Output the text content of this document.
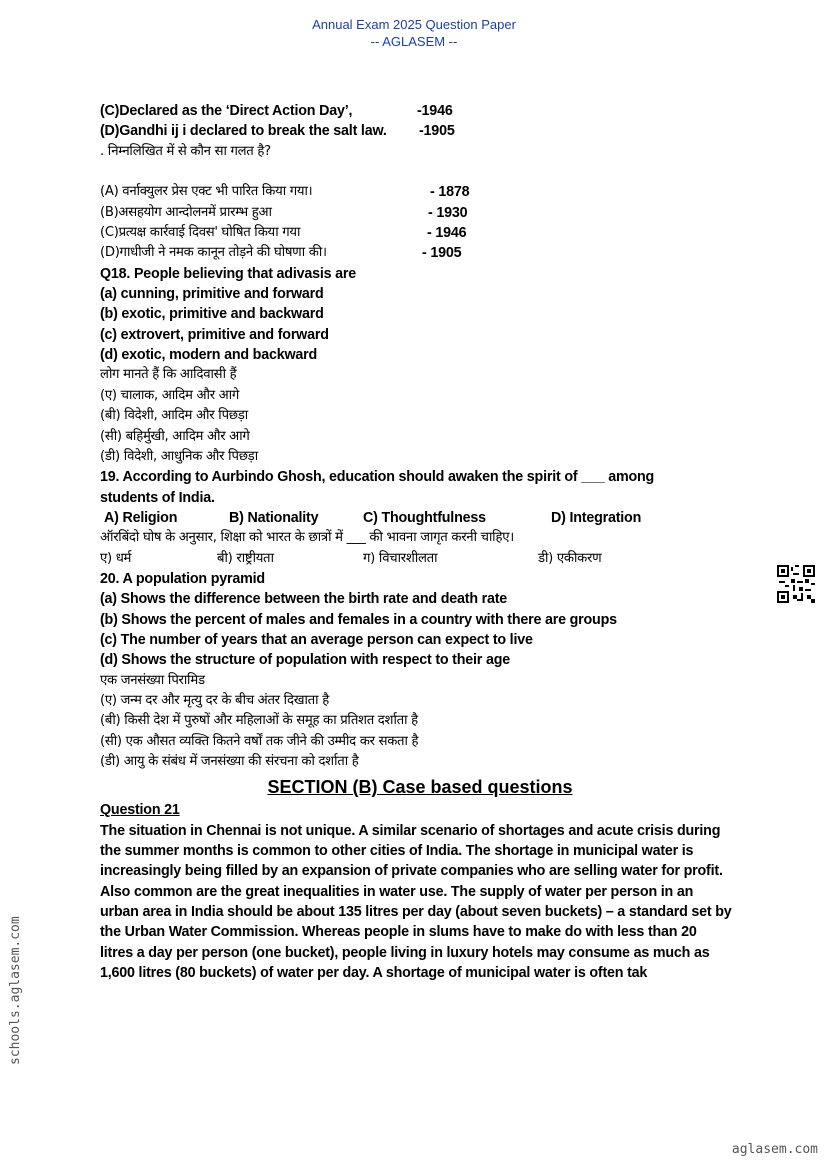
Annual Exam 2025 Question Paper
-- AGLASEM --
(C)Declared as the ‘Direct Action Day’,	-1946
(D)Gandhi ij i declared to break the salt law. -1905
. निम्नलिखित में से कौन सा गलत है?
(A) वर्नाक्युलर प्रेस एक्ट भी पारित किया गया।	- 1878
(B)असहयोग आन्दोलनमें प्रारम्भ हुआ	- 1930
(C)प्रत्यक्ष कार्रवाई दिवस' घोषित किया गया	- 1946
(D)गाधीजी ने नमक कानून तोड़ने की घोषणा की।	- 1905
Q18. People believing that adivasis are
(a) cunning, primitive and forward
(b) exotic, primitive and backward
(c) extrovert, primitive and forward
(d) exotic, modern and backward
लोग मानते हैं कि आदिवासी हैं
(ए) चालाक, आदिम और आगे
(बी) विदेशी, आदिम और पिछड़ा
(सी) बहिर्मुखी, आदिम और आगे
(डी) विदेशी, आधुनिक और पिछड़ा
19. According to Aurbindo Ghosh, education should awaken the spirit of ___ among
students of India.
A) Religion	B) Nationality	C) Thoughtfulness	D) Integration
ऑरबिंदो घोष के अनुसार, शिक्षा को भारत के छात्रों में ___ की भावना जागृत करनी चाहिए।
ए) धर्म	बी) राष्ट्रीयता	ग) विचारशीलता	डी) एकीकरण
20. A population pyramid
(a) Shows the difference between the birth rate and death rate
(b) Shows the percent of males and females in a country with there are groups
(c) The number of years that an average person can expect to live
(d) Shows the structure of population with respect to their age
एक जनसंख्या पिरामिड
(ए) जन्म दर और मृत्यु दर के बीच अंतर दिखाता है
(बी) किसी देश में पुरुषों और महिलाओं के समूह का प्रतिशत दर्शाता है
(सी) एक औसत व्यक्ति कितने वर्षों तक जीने की उम्मीद कर सकता है
(डी) आयु के संबंध में जनसंख्या की संरचना को दर्शाता है
SECTION (B) Case based questions
Question 21
The situation in Chennai is not unique. A similar scenario of shortages and acute crisis during the summer months is common to other cities of India. The shortage in municipal water is increasingly being filled by an expansion of private companies who are selling water for profit. Also common are the great inequalities in water use. The supply of water per person in an urban area in India should be about 135 litres per day (about seven buckets) – a standard set by the Urban Water Commission. Whereas people in slums have to make do with less than 20 litres a day per person (one bucket), people living in luxury hotels may consume as much as 1,600 litres (80 buckets) of water per day. A shortage of municipal water is often tak
schools.aglasem.com
aglasem.com
